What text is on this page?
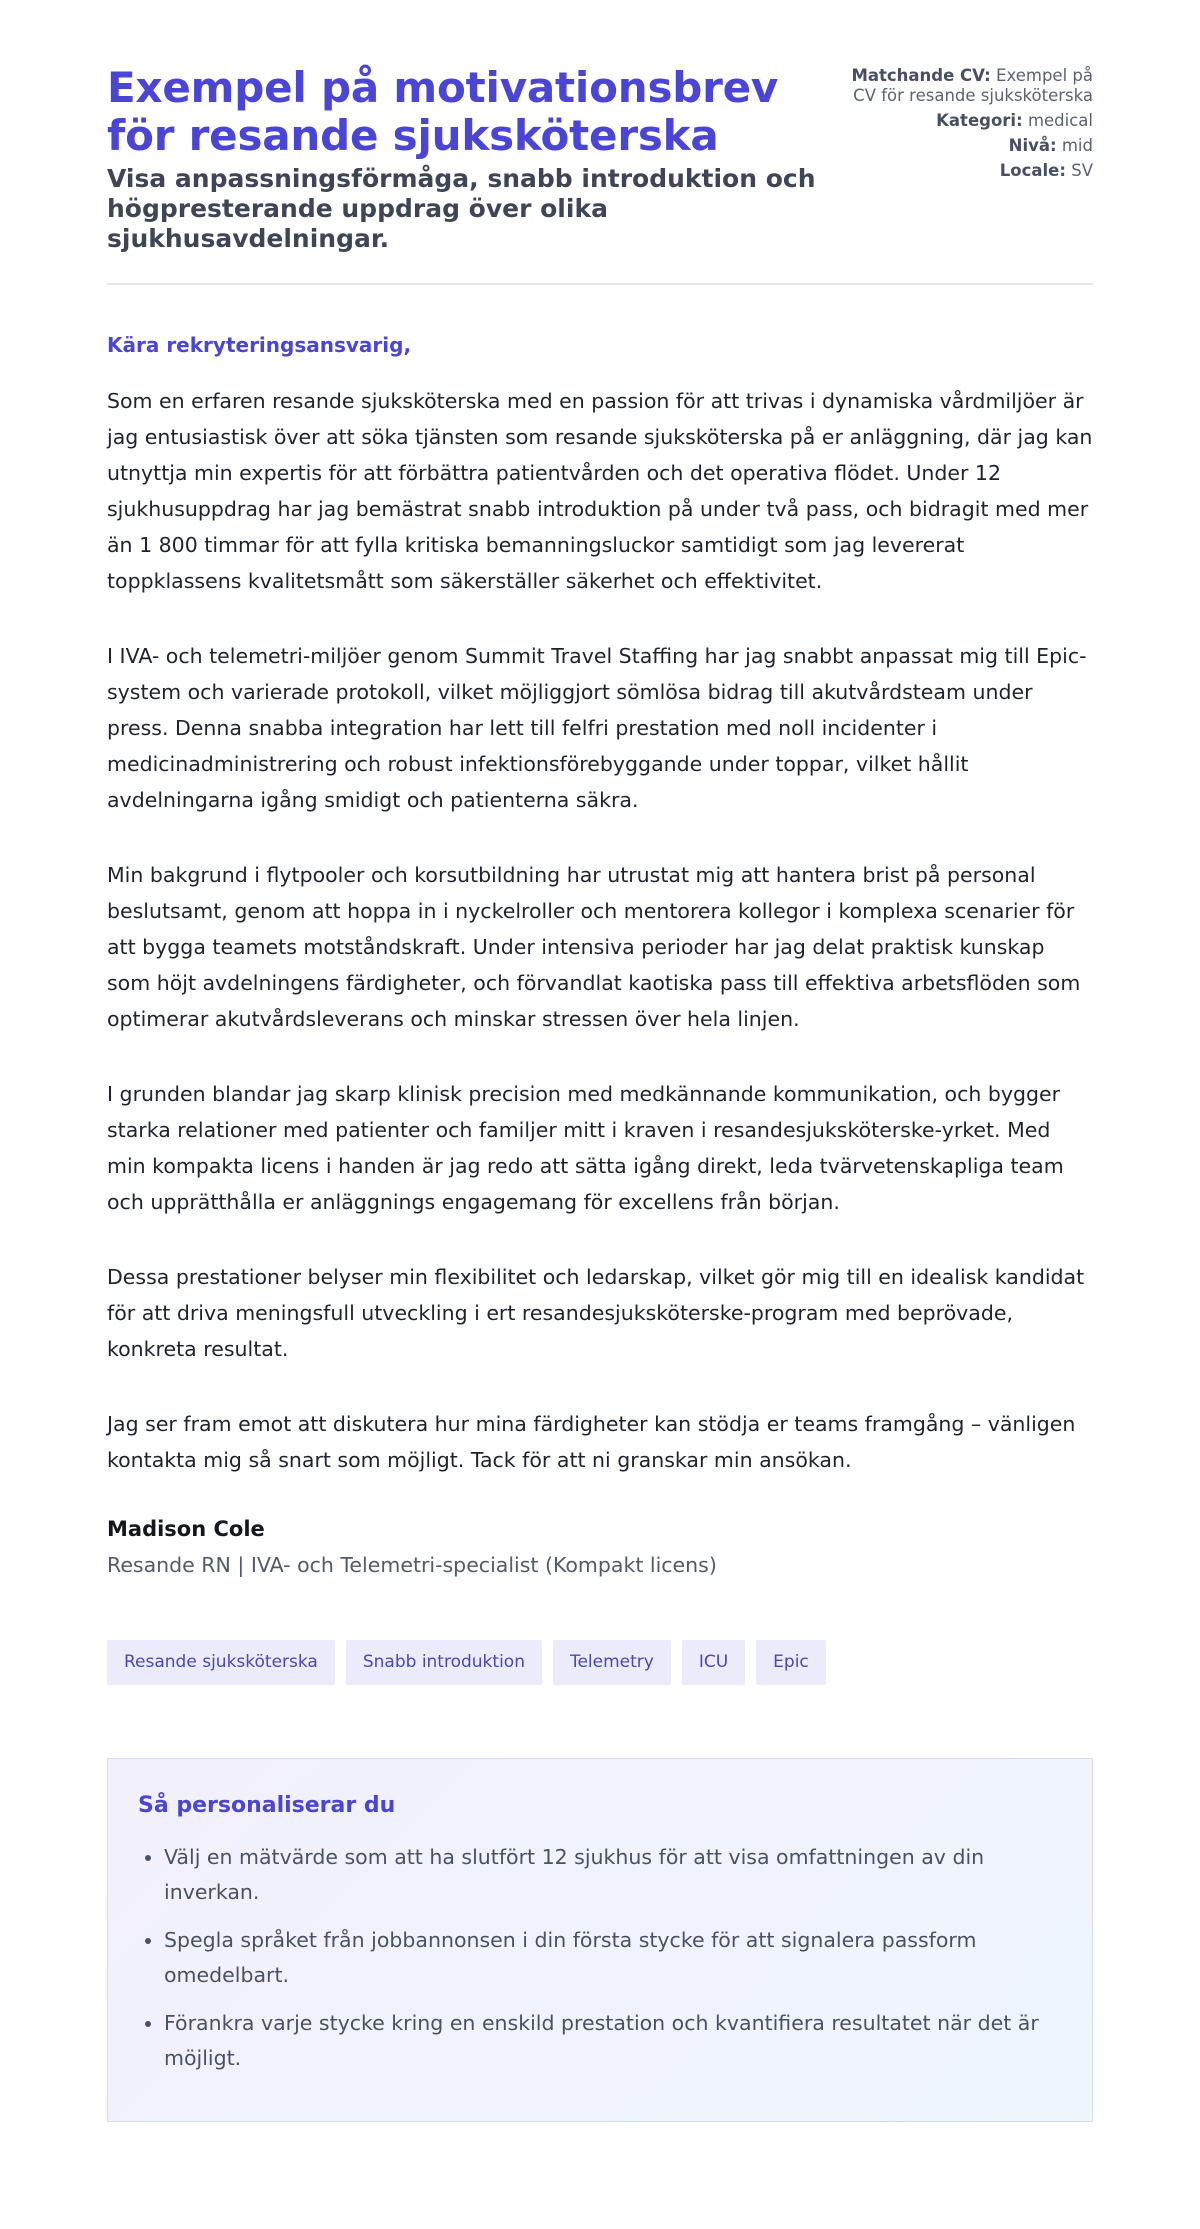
Exempel på motivationsbrev för resande sjuksköterska
Visa anpassningsförmåga, snabb introduktion och högpresterande uppdrag över olika sjukhusavdelningar.
Matchande CV: Exempel på CV för resande sjuksköterska
Kategori: medical
Nivå: mid
Locale: SV
Kära rekryteringsansvarig,

Som en erfaren resande sjuksköterska med en passion för att trivas i dynamiska vårdmiljöer är jag entusiastisk över att söka tjänsten som resande sjuksköterska på er anläggning, där jag kan utnyttja min expertis för att förbättra patientvården och det operativa flödet. Under 12 sjukhusuppdrag har jag bemästrat snabb introduktion på under två pass, och bidragit med mer än 1 800 timmar för att fylla kritiska bemanningsluckor samtidigt som jag levererat toppklassens kvalitetsmått som säkerställer säkerhet och effektivitet.

I IVA- och telemetri-miljöer genom Summit Travel Staffing har jag snabbt anpassat mig till Epic-system och varierade protokoll, vilket möjliggjort sömlösa bidrag till akutvårdsteam under press. Denna snabba integration har lett till felfri prestation med noll incidenter i medicinadministrering och robust infektionsförebyggande under toppar, vilket hållit avdelningarna igång smidigt och patienterna säkra.

Min bakgrund i flytpooler och korsutbildning har utrustat mig att hantera brist på personal beslutsamt, genom att hoppa in i nyckelroller och mentorera kollegor i komplexa scenarier för att bygga teamets motståndskraft. Under intensiva perioder har jag delat praktisk kunskap som höjt avdelningens färdigheter, och förvandlat kaotiska pass till effektiva arbetsflöden som optimerar akutvårdsleverans och minskar stressen över hela linjen.

I grunden blandar jag skarp klinisk precision med medkännande kommunikation, och bygger starka relationer med patienter och familjer mitt i kraven i resandesjuksköterske-yrket. Med min kompakta licens i handen är jag redo att sätta igång direkt, leda tvärvetenskapliga team och upprätthålla er anläggnings engagemang för excellens från början.

Dessa prestationer belyser min flexibilitet och ledarskap, vilket gör mig till en idealisk kandidat för att driva meningsfull utveckling i ert resandesjuksköterske-program med beprövade, konkreta resultat.

Jag ser fram emot att diskutera hur mina färdigheter kan stödja er teams framgång – vänligen kontakta mig så snart som möjligt. Tack för att ni granskar min ansökan.

Madison Cole
Resande RN | IVA- och Telemetri-specialist (Kompakt licens)
Resande sjuksköterska	Snabb introduktion	Telemetry	ICU	Epic
Så personaliserar du
• Välj en mätvärde som att ha slutfört 12 sjukhus för att visa omfattningen av din inverkan.
• Spegla språket från jobbannonsen i din första stycke för att signalera passform omedelbart.
• Förankra varje stycke kring en enskild prestation och kvantifiera resultatet när det är möjligt.
